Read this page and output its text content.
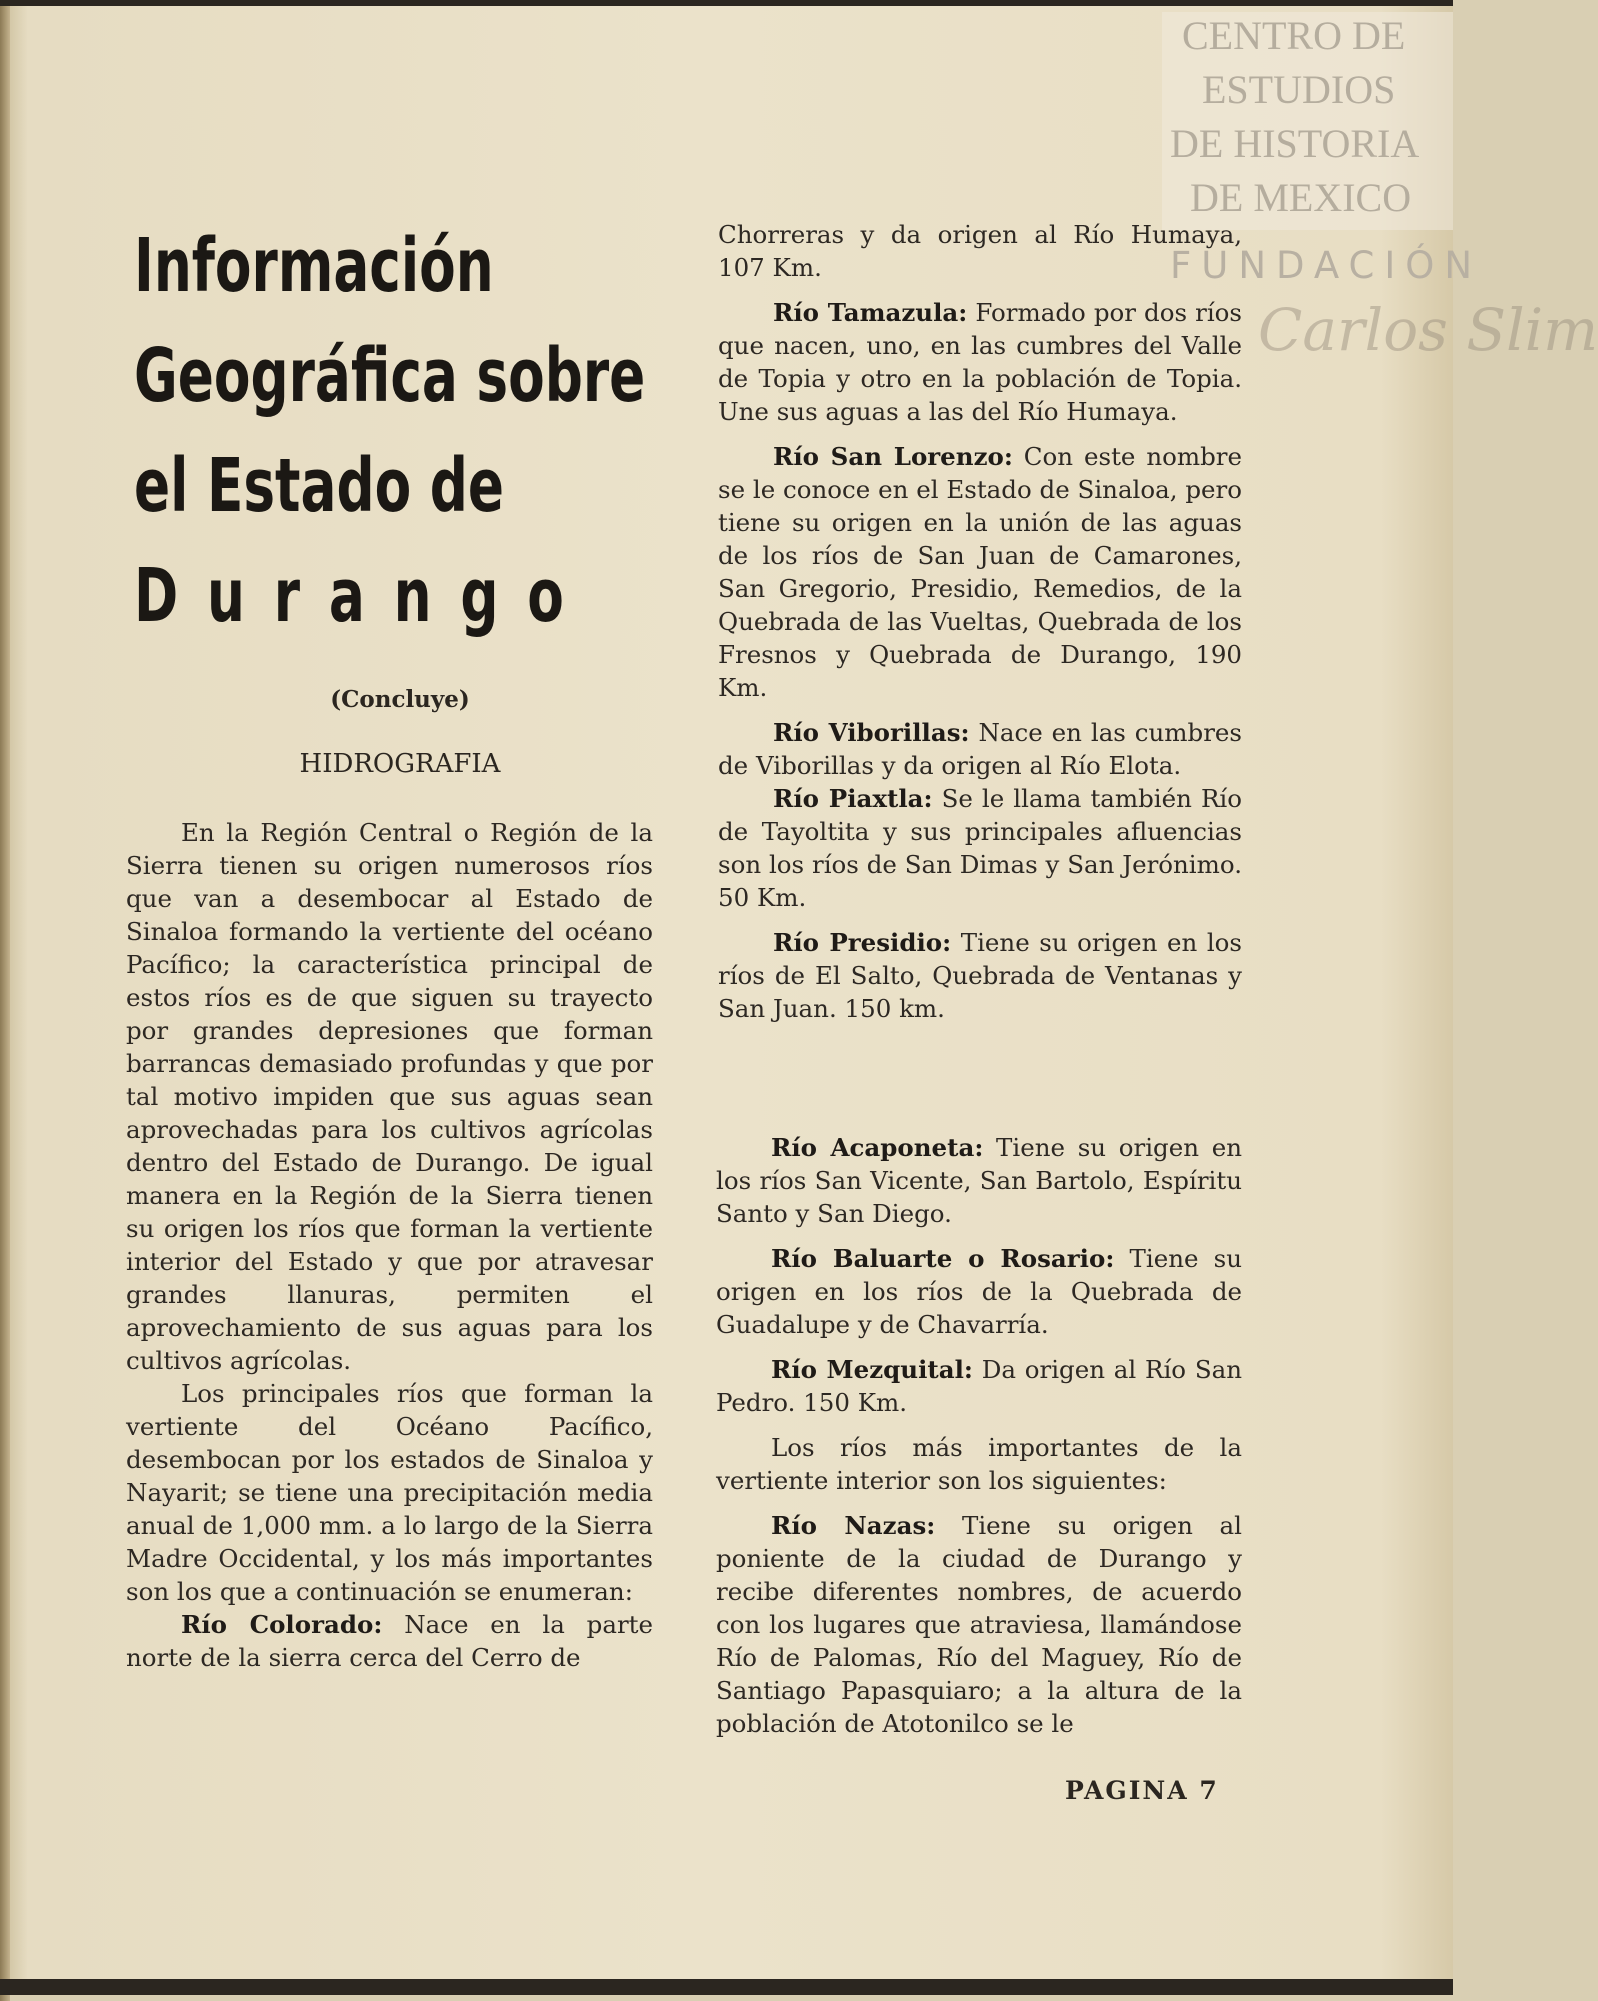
CENTRO DE
ESTUDIOS
DE HISTORIA
DE MEXICO
FUNDACIÓN
Carlos Slim
Información
Geográfica sobre
el Estado de
Durango
(Concluye)
HIDROGRAFIA

En la Región Central o Región de la Sierra tienen su origen numerosos ríos que van a desembocar al Estado de Sinaloa formando la vertiente del océano Pacífico; la característica principal de estos ríos es de que siguen su trayecto por grandes depresiones que forman barrancas demasiado profundas y que por tal motivo impiden que sus aguas sean aprovechadas para los cultivos agrícolas dentro del Estado de Durango. De igual manera en la Región de la Sierra tienen su origen los ríos que forman la vertiente interior del Estado y que por atravesar grandes llanuras, permiten el aprovechamiento de sus aguas para los cultivos agrícolas.

Los principales ríos que forman la vertiente del Océano Pacífico, desembocan por los estados de Sinaloa y Nayarit; se tiene una precipitación media anual de 1,000 mm. a lo largo de la Sierra Madre Occidental, y los más importantes son los que a continuación se enumeran:

Río Colorado: Nace en la parte norte de la sierra cerca del Cerro de

Chorreras y da origen al Río Humaya, 107 Km.

Río Tamazula: Formado por dos ríos que nacen, uno, en las cumbres del Valle de Topia y otro en la población de Topia. Une sus aguas a las del Río Humaya.

Río San Lorenzo: Con este nombre se le conoce en el Estado de Sinaloa, pero tiene su origen en la unión de las aguas de los ríos de San Juan de Camarones, San Gregorio, Presidio, Remedios, de la Quebrada de las Vueltas, Quebrada de los Fresnos y Quebrada de Durango, 190 Km.

Río Viborillas: Nace en las cumbres de Viborillas y da origen al Río Elota.

Río Piaxtla: Se le llama también Río de Tayoltita y sus principales afluencias son los ríos de San Dimas y San Jerónimo. 50 Km.

Río Presidio: Tiene su origen en los ríos de El Salto, Quebrada de Ventanas y San Juan. 150 km.

Río Acaponeta: Tiene su origen en los ríos San Vicente, San Bartolo, Espíritu Santo y San Diego.

Río Baluarte o Rosario: Tiene su origen en los ríos de la Quebrada de Guadalupe y de Chavarría.

Río Mezquital: Da origen al Río San Pedro. 150 Km.

Los ríos más importantes de la vertiente interior son los siguientes:

Río Nazas: Tiene su origen al poniente de la ciudad de Durango y recibe diferentes nombres, de acuerdo con los lugares que atraviesa, llamándose Río de Palomas, Río del Maguey, Río de Santiago Papasquiaro; a la altura de la población de Atotonilco se le

PAGINA 7
